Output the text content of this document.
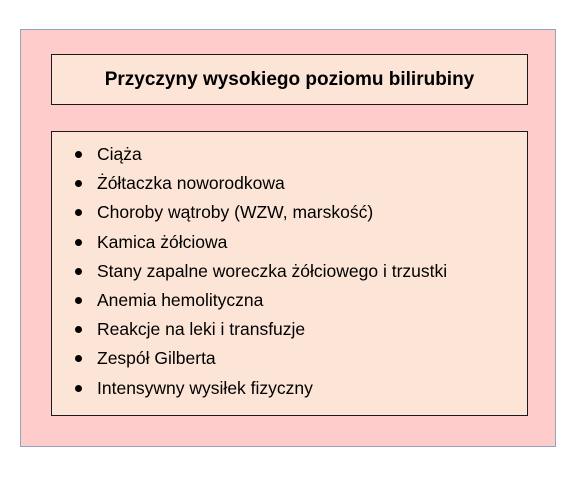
Przyczyny wysokiego poziomu bilirubiny
Ciąża
Żółtaczka noworodkowa
Choroby wątroby (WZW, marskość)
Kamica żółciowa
Stany zapalne woreczka żółciowego i trzustki
Anemia hemolityczna
Reakcje na leki i transfuzje
Zespół Gilberta
Intensywny wysiłek fizyczny
